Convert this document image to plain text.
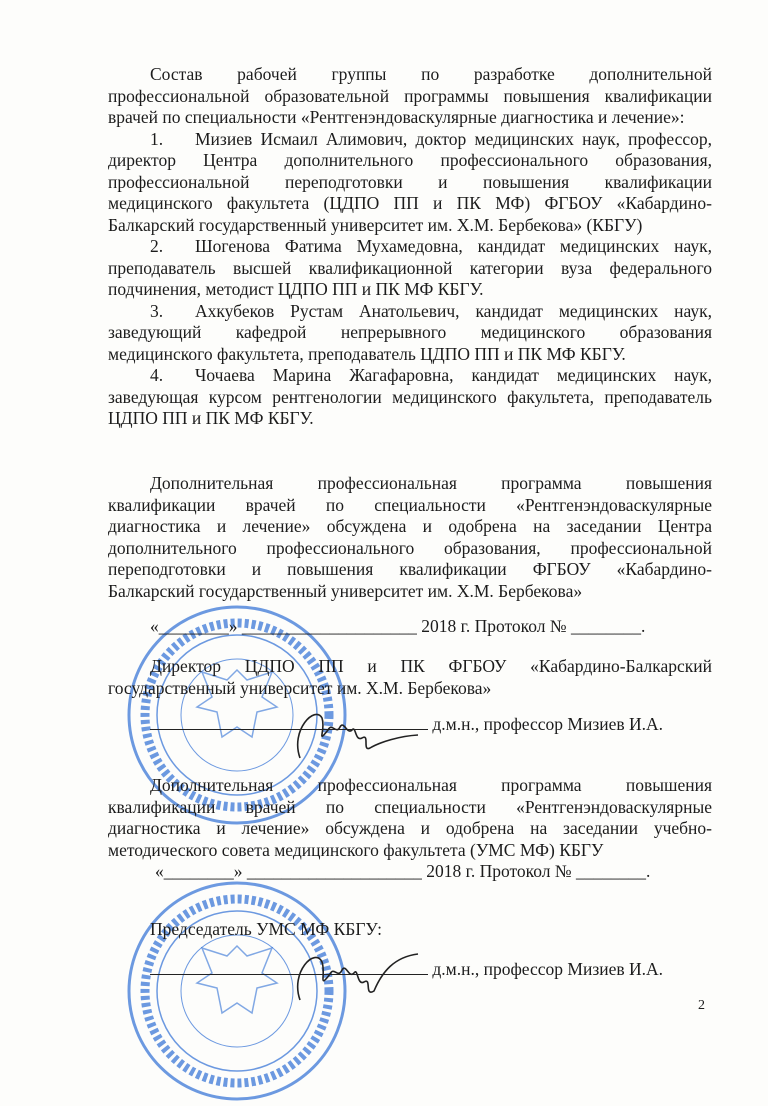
Состав рабочей группы по разработке дополнительной
профессиональной образовательной программы повышения квалификации
врачей по специальности «Рентгенэндоваскулярные диагностика и лечение»:
1. Мизиев Исмаил Алимович, доктор медицинских наук, профессор,
директор Центра дополнительного профессионального образования,
профессиональной переподготовки и повышения квалификации
медицинского факультета (ЦДПО ПП и ПК МФ) ФГБОУ «Кабардино-
Балкарский государственный университет им. Х.М. Бербекова» (КБГУ)
2. Шогенова Фатима Мухамедовна, кандидат медицинских наук,
преподаватель высшей квалификационной категории вуза федерального
подчинения, методист ЦДПО ПП и ПК МФ КБГУ.
3. Ахкубеков Рустам Анатольевич, кандидат медицинских наук,
заведующий кафедрой непрерывного медицинского образования
медицинского факультета, преподаватель ЦДПО ПП и ПК МФ КБГУ.
4. Чочаева Марина Жагафаровна, кандидат медицинских наук,
заведующая курсом рентгенологии медицинского факультета, преподаватель
ЦДПО ПП и ПК МФ КБГУ.
Дополнительная профессиональная программа повышения
квалификации врачей по специальности «Рентгенэндоваскулярные
диагностика и лечение» обсуждена и одобрена на заседании Центра
дополнительного профессионального образования, профессиональной
переподготовки и повышения квалификации ФГБОУ «Кабардино-
Балкарский государственный университет им. Х.М. Бербекова»
«________» ____________________ 2018 г. Протокол № ________.
Директор ЦДПО ПП и ПК ФГБОУ «Кабардино-Балкарский
государственный университет им. Х.М. Бербекова»
д.м.н., профессор Мизиев И.А.
Дополнительная профессиональная программа повышения
квалификации врачей по специальности «Рентгенэндоваскулярные
диагностика и лечение» обсуждена и одобрена на заседании учебно-
методического совета медицинского факультета (УМС МФ) КБГУ
«________» ____________________ 2018 г. Протокол № ________.
Председатель УМС МФ КБГУ:
д.м.н., профессор Мизиев И.А.
2
